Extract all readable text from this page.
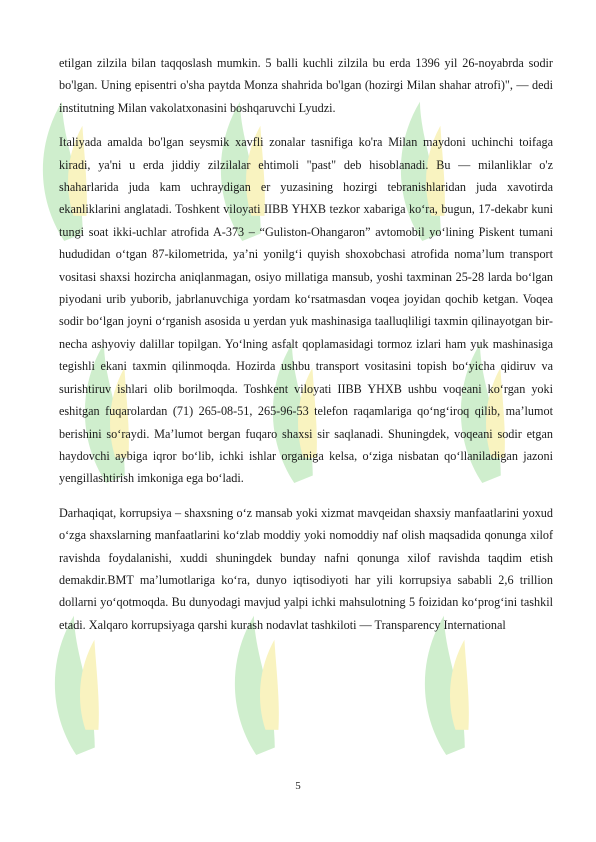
etilgan zilzila bilan taqqoslash mumkin. 5 balli kuchli zilzila bu erda 1396 yil 26-noyabrda sodir bo'lgan. Uning episentri o'sha paytda Monza shahrida bo'lgan (hozirgi Milan shahar atrofi)", — dedi institutning Milan vakolatxonasini boshqaruvchi Lyudzi.

Italiyada amalda bo'lgan seysmik xavfli zonalar tasnifiga ko'ra Milan maydoni uchinchi toifaga kiradi, ya'ni u erda jiddiy zilzilalar ehtimoli "past" deb hisoblanadi. Bu — milanliklar o'z shaharlarida juda kam uchraydigan er yuzasining hozirgi tebranishlaridan juda xavotirda ekanliklarini anglatadi. Toshkent viloyati IIBB YHXB tezkor xabariga ko‘ra, bugun, 17-dekabr kuni tungi soat ikki-uchlar atrofida A-373 – “Guliston-Ohangaron” avtomobil yo‘lining Piskent tumani hududidan o‘tgan 87-kilometrida, ya’ni yonilg‘i quyish shoxobchasi atrofida noma’lum transport vositasi shaxsi hozircha aniqlanmagan, osiyo millatiga mansub, yoshi taxminan 25-28 larda bo‘lgan piyodani urib yuborib, jabrlanuvchiga yordam ko‘rsatmasdan voqea joyidan qochib ketgan. Voqea sodir bo‘lgan joyni o‘rganish asosida u yerdan yuk mashinasiga taalluqliligi taxmin qilinayotgan bir-necha ashyoviy dalillar topilgan. Yo‘lning asfalt qoplamasidagi tormoz izlari ham yuk mashinasiga tegishli ekani taxmin qilinmoqda. Hozirda ushbu transport vositasini topish bo‘yicha qidiruv va surishtiruv ishlari olib borilmoqda. Toshkent viloyati IIBB YHXB ushbu voqeani ko‘rgan yoki eshitgan fuqarolardan (71) 265-08-51, 265-96-53 telefon raqamlariga qo‘ng‘iroq qilib, ma’lumot berishini so‘raydi. Ma’lumot bergan fuqaro shaxsi sir saqlanadi. Shuningdek, voqeani sodir etgan haydovchi aybiga iqror bo‘lib, ichki ishlar organiga kelsa, o‘ziga nisbatan qo‘llaniladigan jazoni yengillashtirish imkoniga ega bo‘ladi.

Darhaqiqat, korrupsiya – shaxsning o‘z mansab yoki xizmat mavqeidan shaxsiy manfaatlarini yoxud o‘zga shaxslarning manfaatlarini ko‘zlab moddiy yoki nomoddiy naf olish maqsadida qonunga xilof ravishda foydalanishi, xuddi shuningdek bunday nafni qonunga xilof ravishda taqdim etish demakdir.BMT ma’lumotlariga ko‘ra, dunyo iqtisodiyoti har yili korrupsiya sababli 2,6 trillion dollarni yo‘qotmoqda. Bu dunyodagi mavjud yalpi ichki mahsulotning 5 foizidan ko‘prog‘ini tashkil etadi. Xalqaro korrupsiyaga qarshi kurash nodavlat tashkiloti — Transparency International

5
